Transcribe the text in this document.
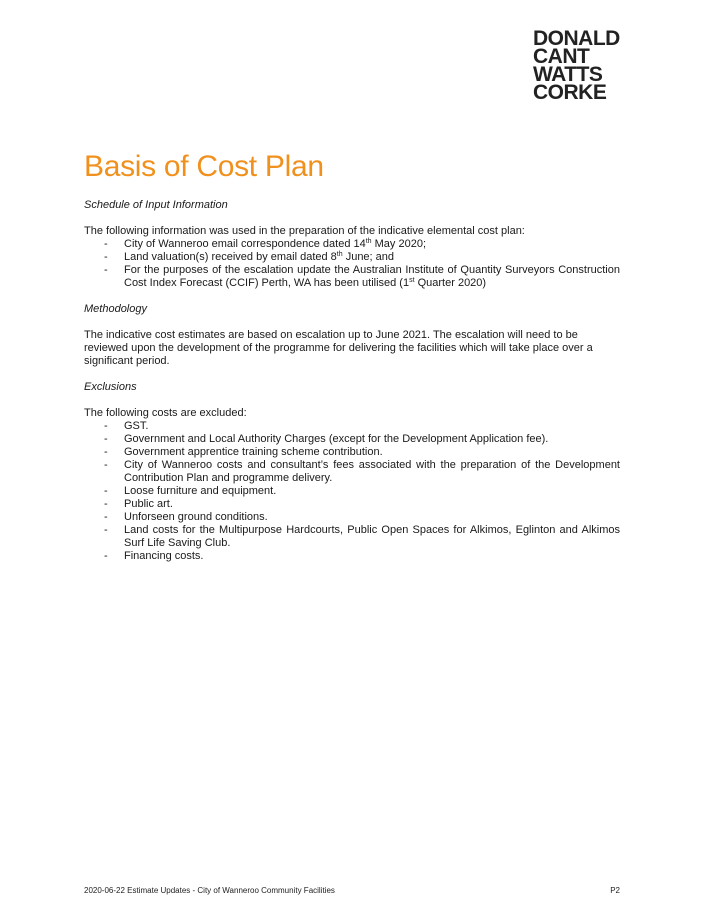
DONALD
CANT
WATTS
CORKE
Basis of Cost Plan

Schedule of Input Information

The following information was used in the preparation of the indicative elemental cost plan:

- City of Wanneroo email correspondence dated 14th May 2020;
- Land valuation(s) received by email dated 8th June; and
- For the purposes of the escalation update the Australian Institute of Quantity Surveyors Construction Cost Index Forecast (CCIF) Perth, WA has been utilised (1st Quarter 2020)

Methodology

The indicative cost estimates are based on escalation up to June 2021. The escalation will need to be reviewed upon the development of the programme for delivering the facilities which will take place over a significant period.

Exclusions

The following costs are excluded:

- GST.
- Government and Local Authority Charges (except for the Development Application fee).
- Government apprentice training scheme contribution.
- City of Wanneroo costs and consultant’s fees associated with the preparation of the Development Contribution Plan and programme delivery.
- Loose furniture and equipment.
- Public art.
- Unforseen ground conditions.
- Land costs for the Multipurpose Hardcourts, Public Open Spaces for Alkimos, Eglinton and Alkimos Surf Life Saving Club.
- Financing costs.
2020-06-22 Estimate Updates - City of Wanneroo Community Facilities	P2
